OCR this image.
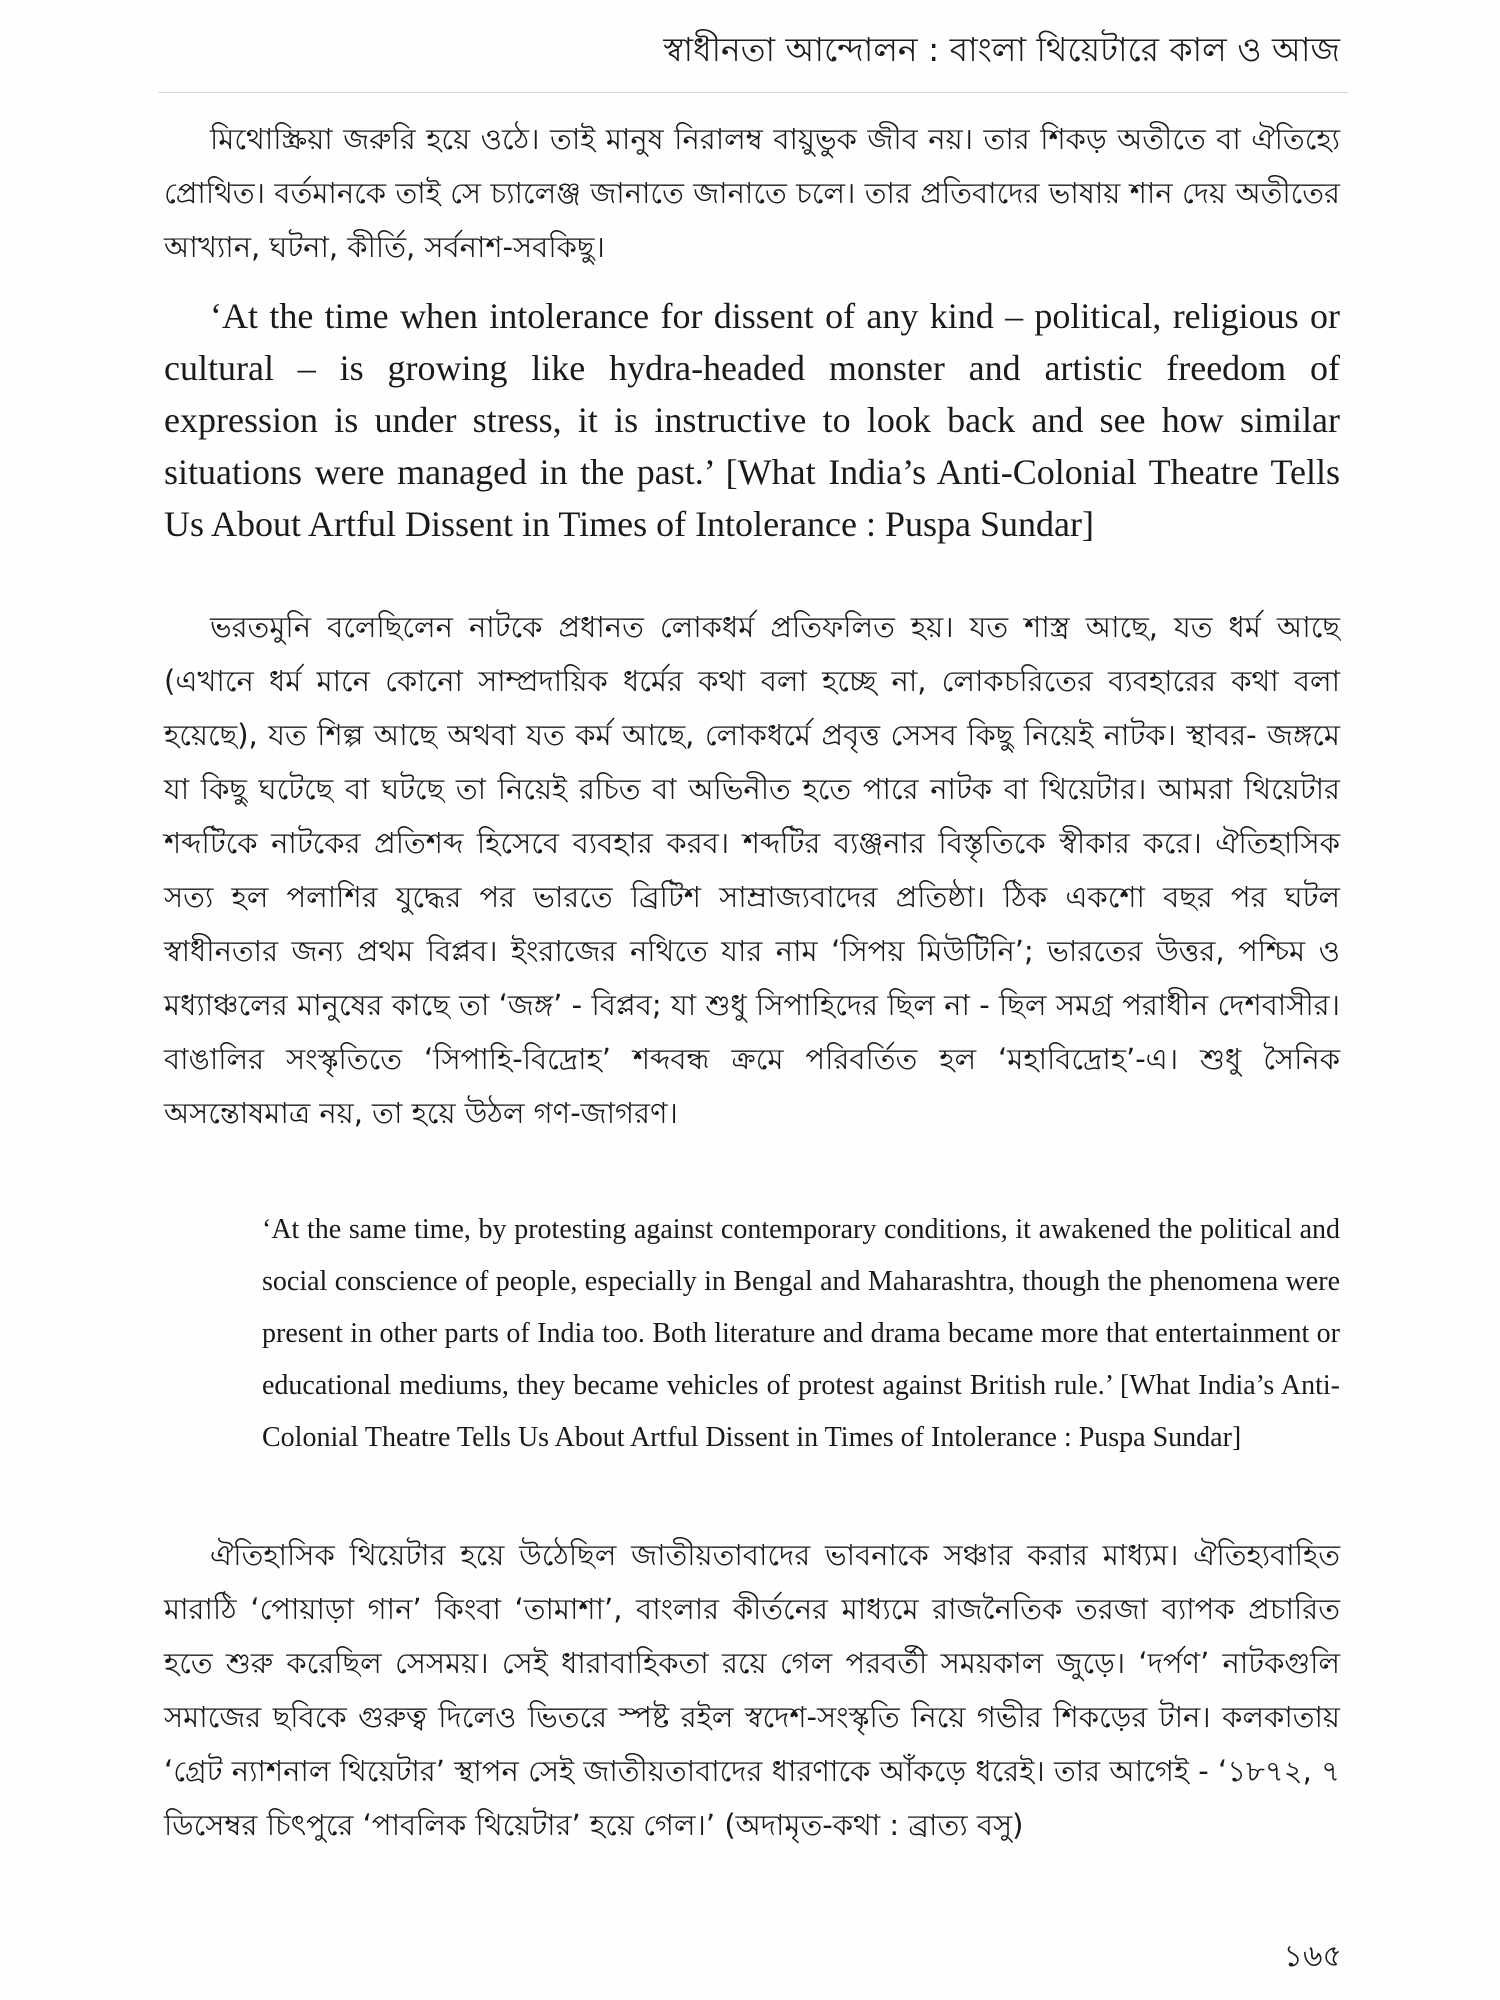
স্বাধীনতা আন্দোলন : বাংলা থিয়েটারে কাল ও আজ

মিথোস্ক্রিয়া জরুরি হয়ে ওঠে। তাই মানুষ নিরালম্ব বায়ুভুক জীব নয়। তার শিকড় অতীতে বা ঐতিহ্যে প্রোথিত। বর্তমানকে তাই সে চ্যালেঞ্জ জানাতে জানাতে চলে। তার প্রতিবাদের ভাষায় শান দেয় অতীতের আখ্যান, ঘটনা, কীর্তি, সর্বনাশ-সবকিছু।

‘At the time when intolerance for dissent of any kind – political, religious or cultural – is growing like hydra-headed monster and artistic freedom of expression is under stress, it is instructive to look back and see how similar situations were managed in the past.’ [What India’s Anti-Colonial Theatre Tells Us About Artful Dissent in Times of Intolerance : Puspa Sundar]

ভরতমুনি বলেছিলেন নাটকে প্রধানত লোকধর্ম প্রতিফলিত হয়। যত শাস্ত্র আছে, যত ধর্ম আছে (এখানে ধর্ম মানে কোনো সাম্প্রদায়িক ধর্মের কথা বলা হচ্ছে না, লোকচরিতের ব্যবহারের কথা বলা হয়েছে), যত শিল্প আছে অথবা যত কর্ম আছে, লোকধর্মে প্রবৃত্ত সেসব কিছু নিয়েই নাটক। স্থাবর- জঙ্গমে যা কিছু ঘটেছে বা ঘটছে তা নিয়েই রচিত বা অভিনীত হতে পারে নাটক বা থিয়েটার। আমরা থিয়েটার শব্দটিকে নাটকের প্রতিশব্দ হিসেবে ব্যবহার করব। শব্দটির ব্যঞ্জনার বিস্তৃতিকে স্বীকার করে। ঐতিহাসিক সত্য হল পলাশির যুদ্ধের পর ভারতে ব্রিটিশ সাম্রাজ্যবাদের প্রতিষ্ঠা। ঠিক একশো বছর পর ঘটল স্বাধীনতার জন্য প্রথম বিপ্লব। ইংরাজের নথিতে যার নাম ‘সিপয় মিউটিনি’; ভারতের উত্তর, পশ্চিম ও মধ্যাঞ্চলের মানুষের কাছে তা ‘জঙ্গ’ - বিপ্লব; যা শুধু সিপাহিদের ছিল না - ছিল সমগ্র পরাধীন দেশবাসীর। বাঙালির সংস্কৃতিতে ‘সিপাহি-বিদ্রোহ’ শব্দবন্ধ ক্রমে পরিবর্তিত হল ‘মহাবিদ্রোহ’-এ। শুধু সৈনিক অসন্তোষমাত্র নয়, তা হয়ে উঠল গণ-জাগরণ।

‘At the same time, by protesting against contemporary conditions, it awakened the political and social conscience of people, especially in Bengal and Maharashtra, though the phenomena were present in other parts of India too. Both literature and drama became more that entertainment or educational mediums, they became vehicles of protest against British rule.’ [What India’s Anti-Colonial Theatre Tells Us About Artful Dissent in Times of Intolerance : Puspa Sundar]

ঐতিহাসিক থিয়েটার হয়ে উঠেছিল জাতীয়তাবাদের ভাবনাকে সঞ্চার করার মাধ্যম। ঐতিহ্যবাহিত মারাঠি ‘পোয়াড়া গান’ কিংবা ‘তামাশা’, বাংলার কীর্তনের মাধ্যমে রাজনৈতিক তরজা ব্যাপক প্রচারিত হতে শুরু করেছিল সেসময়। সেই ধারাবাহিকতা রয়ে গেল পরবর্তী সময়কাল জুড়ে। ‘দর্পণ’ নাটকগুলি সমাজের ছবিকে গুরুত্ব দিলেও ভিতরে স্পষ্ট রইল স্বদেশ-সংস্কৃতি নিয়ে গভীর শিকড়ের টান। কলকাতায় ‘গ্রেট ন্যাশনাল থিয়েটার’ স্থাপন সেই জাতীয়তাবাদের ধারণাকে আঁকড়ে ধরেই। তার আগেই - ‘১৮৭২, ৭ ডিসেম্বর চিৎপুরে ‘পাবলিক থিয়েটার’ হয়ে গেল।’ (অদামৃত-কথা : ব্রাত্য বসু)

১৬৫
